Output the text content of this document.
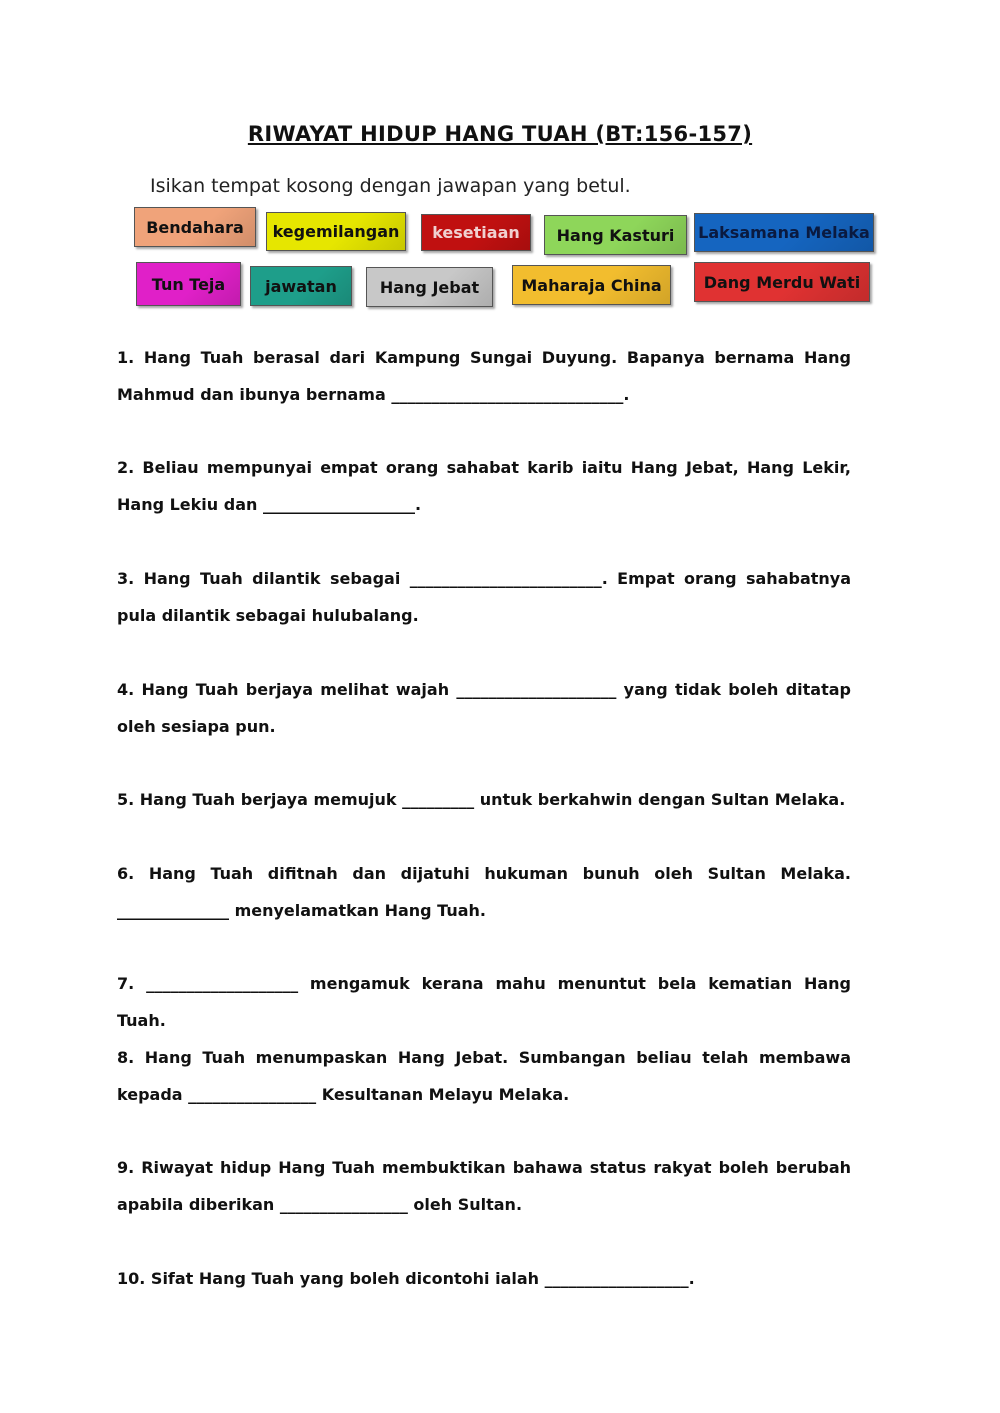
RIWAYAT HIDUP HANG TUAH (BT:156-157)
Isikan tempat kosong dengan jawapan yang betul.
Bendahara kegemilangan kesetiaan Hang Kasturi Laksamana Melaka
Tun Teja jawatan	Hang Jebat	Maharaja China	Dang Merdu Wati
1. Hang Tuah berasal dari Kampung Sungai Duyung. Bapanya bernama Hang Mahmud dan ibunya bernama _____________________________.
2. Beliau mempunyai empat orang sahabat karib iaitu Hang Jebat, Hang Lekir, Hang Lekiu dan ___________________.
3. Hang Tuah dilantik sebagai ________________________. Empat orang sahabatnya pula dilantik sebagai hulubalang.
4. Hang Tuah berjaya melihat wajah ____________________ yang tidak boleh ditatap oleh sesiapa pun.
5. Hang Tuah berjaya memujuk _________ untuk berkahwin dengan Sultan Melaka.
6. Hang Tuah difitnah dan dijatuhi hukuman bunuh oleh Sultan Melaka. ______________ menyelamatkan Hang Tuah.
7. ___________________ mengamuk kerana mahu menuntut bela kematian Hang Tuah.
8. Hang Tuah menumpaskan Hang Jebat. Sumbangan beliau telah membawa kepada ________________ Kesultanan Melayu Melaka.
9. Riwayat hidup Hang Tuah membuktikan bahawa status rakyat boleh berubah apabila diberikan ________________ oleh Sultan.
10. Sifat Hang Tuah yang boleh dicontohi ialah __________________.
